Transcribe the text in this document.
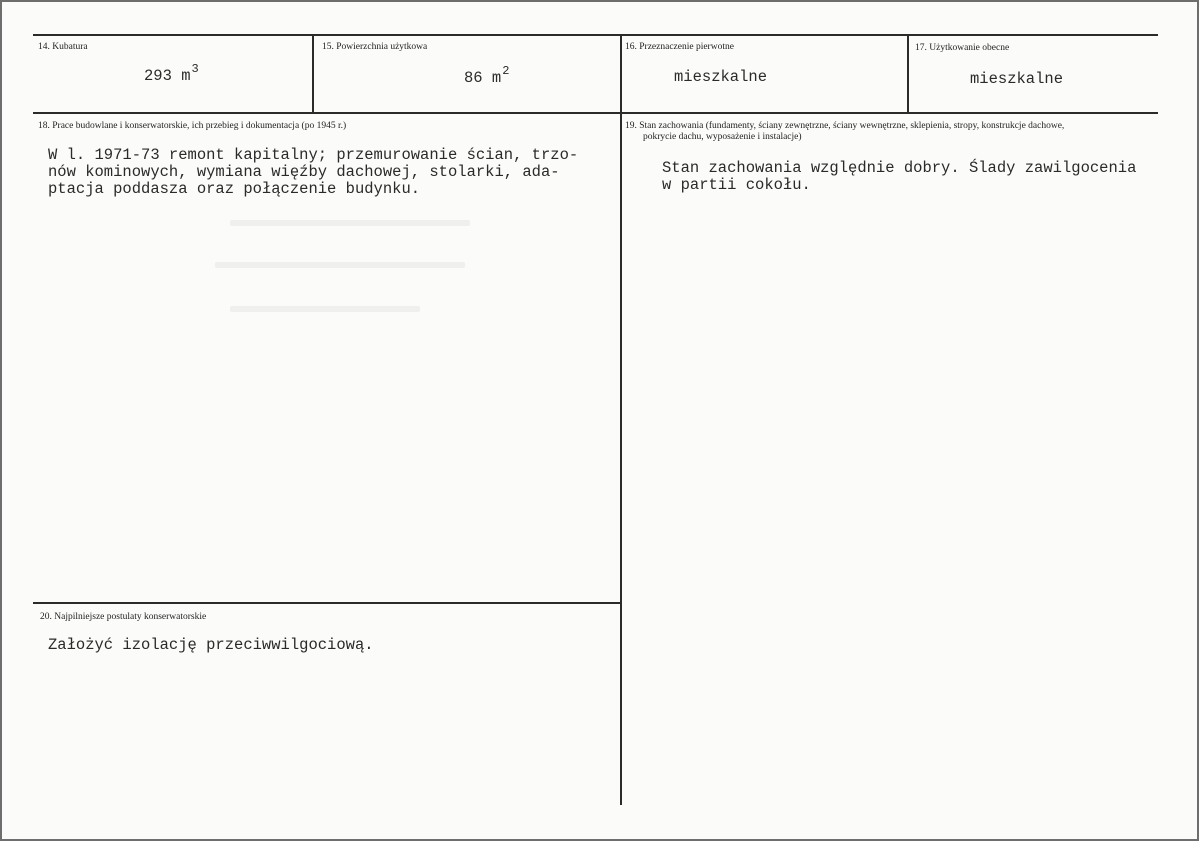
14. Kubatura
293 $m^3$
15. Powierzchnia użytkowa
86 $m^2$
16. Przeznaczenie pierwotne
mieszkalne
17. Użytkowanie obecne
mieszkalne
18. Prace budowlane i konserwatorskie, ich przebieg i dokumentacja (po 1945 r.)
W l. 1971-73 remont kapitalny; przemurowanie ścian, trzo-
nów kominowych, wymiana więźby dachowej, stolarki, ada-
ptacja poddasza oraz połączenie budynku.
19. Stan zachowania (fundamenty, ściany zewnętrzne, ściany wewnętrzne, sklepienia, stropy, konstrukcje dachowe,
pokrycie dachu, wyposażenie i instalacje)
Stan zachowania względnie dobry. Ślady zawilgocenia
w partii cokołu.
20. Najpilniejsze postulaty konserwatorskie
Założyć izolację przeciwwilgociową.
